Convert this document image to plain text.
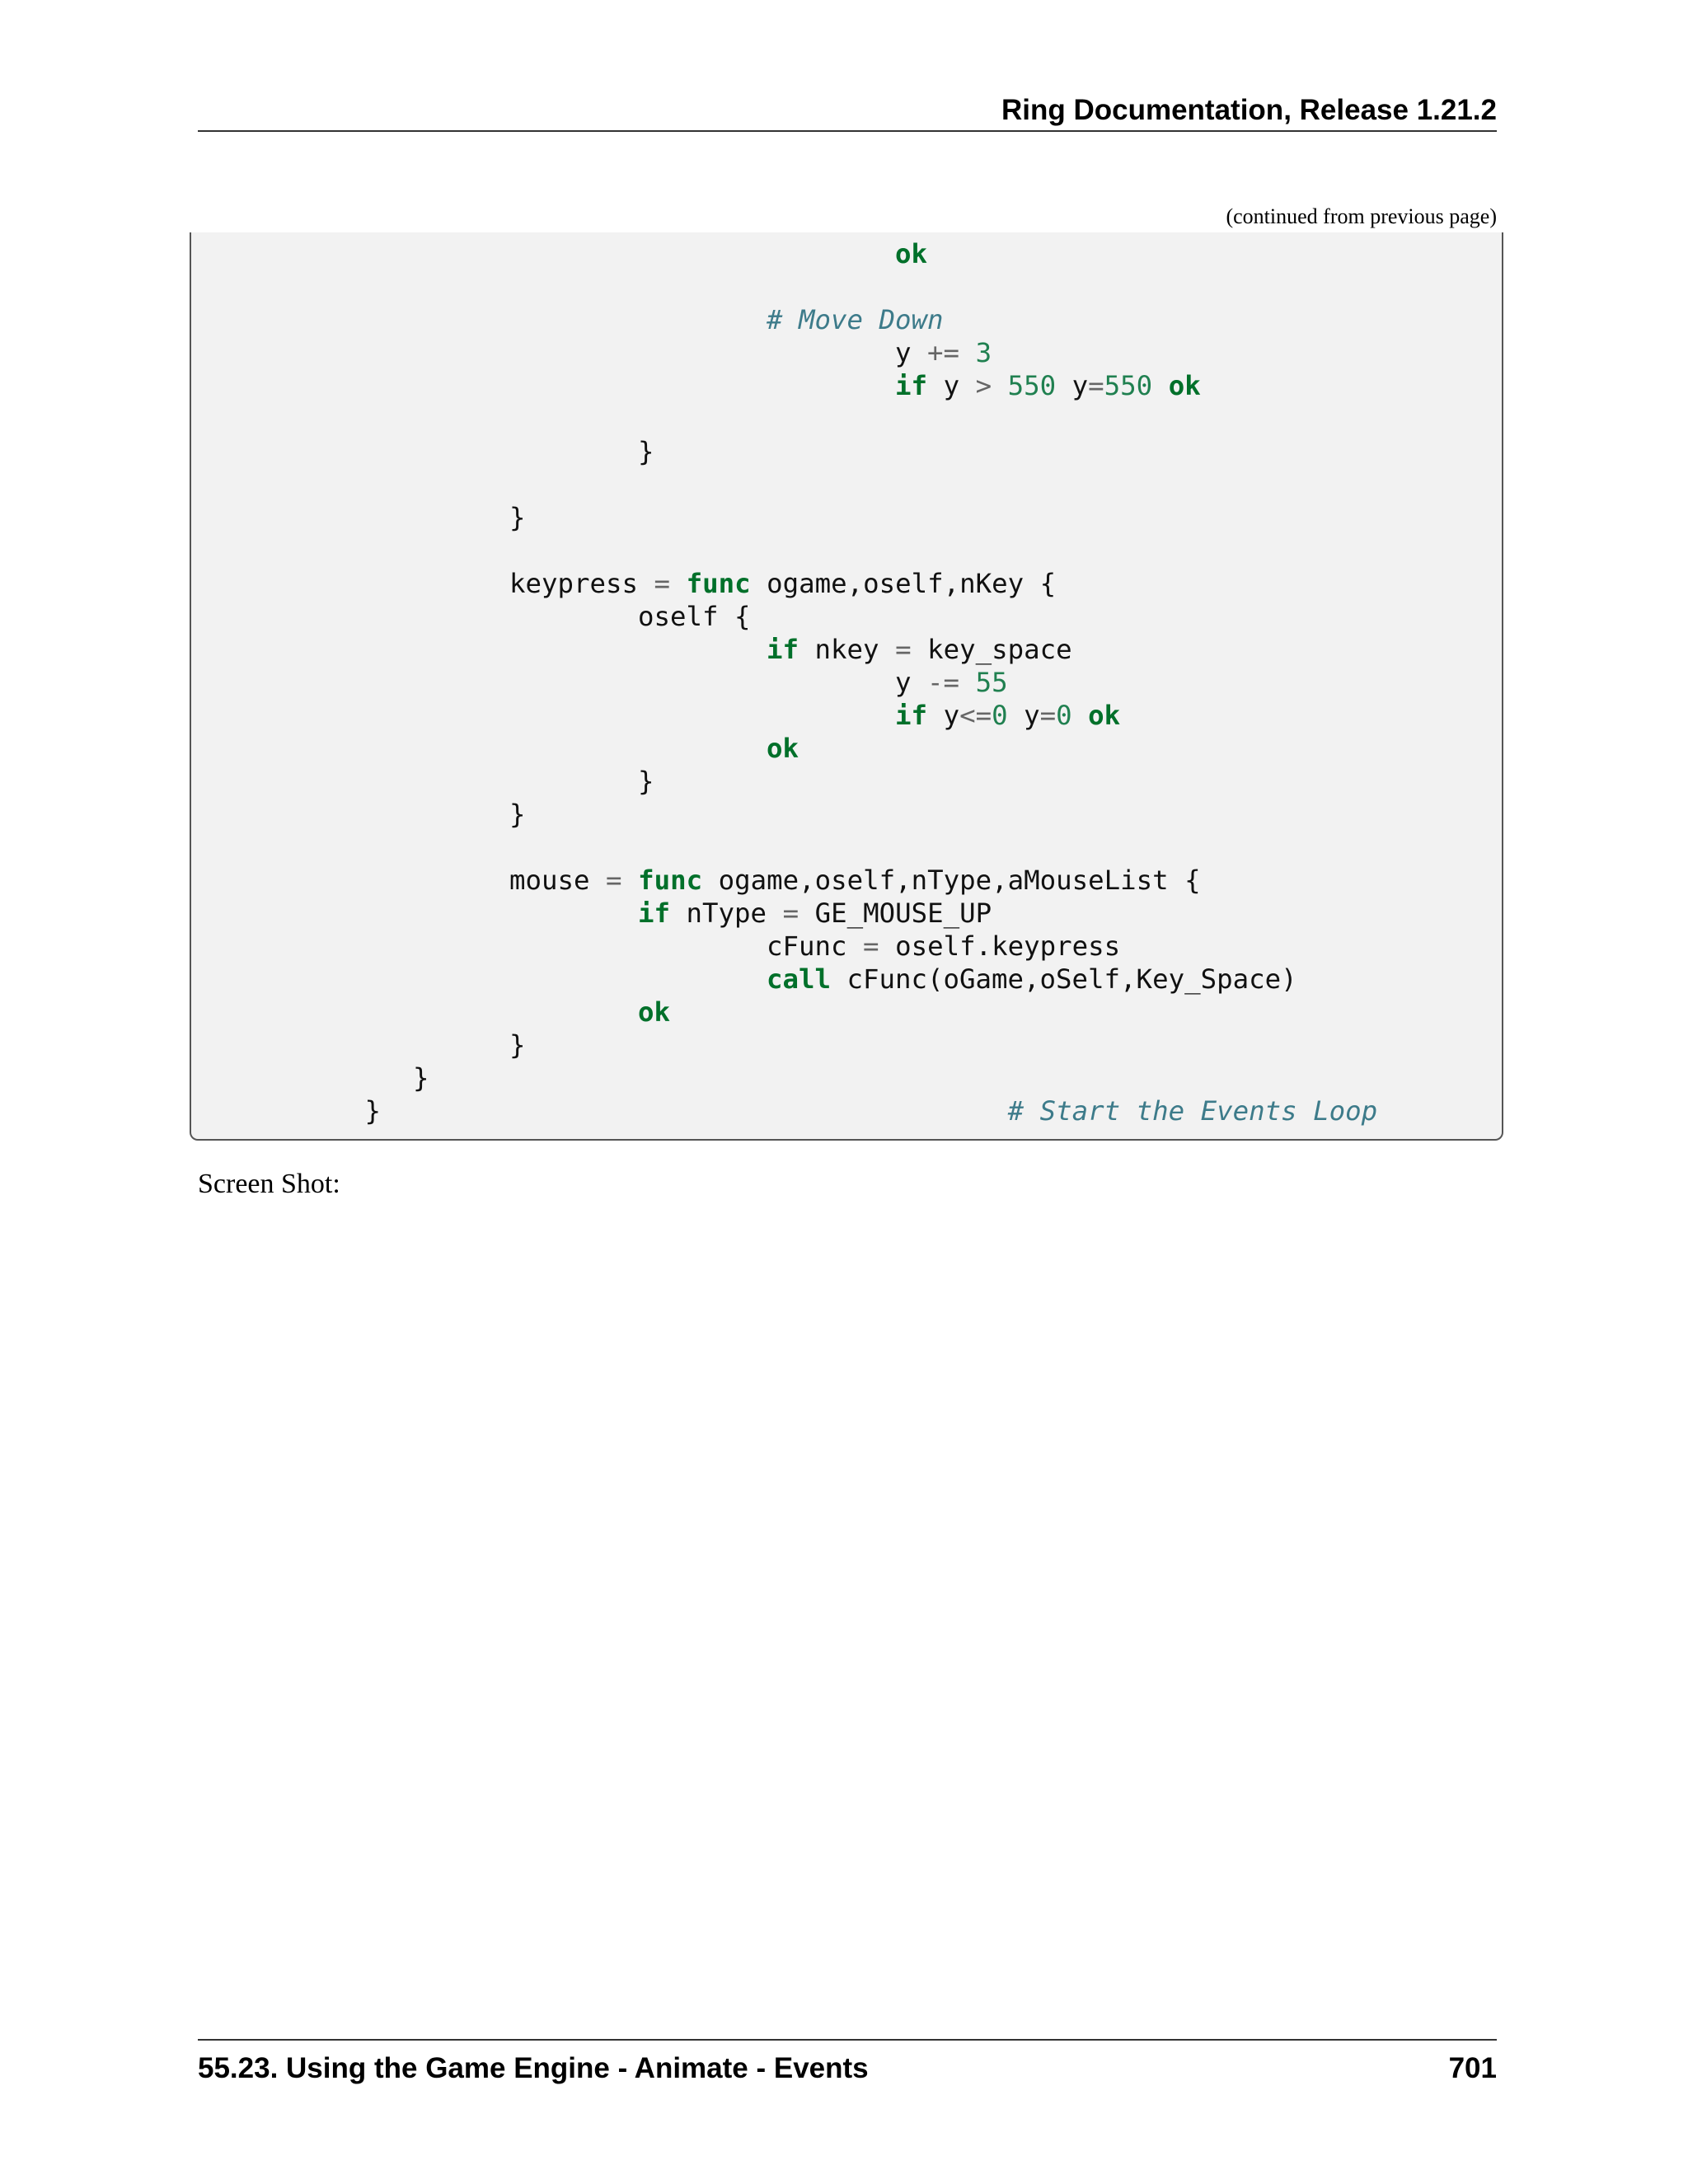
Ring Documentation, Release 1.21.2
(continued from previous page)
ok
# Move Down
y += 3
if y > 550 y=550 ok
}
}
keypress = func ogame,oself,nKey {
oself {
if nkey = key_space
y -= 55
if y<=0 y=0 ok
ok
}
}
mouse = func ogame,oself,nType,aMouseList {
if nType = GE_MOUSE_UP
cFunc = oself.keypress
call cFunc(oGame,oSelf,Key_Space)
ok
}
}
}                                       # Start the Events Loop
Screen Shot:
55.23. Using the Game Engine - Animate - Events	701
